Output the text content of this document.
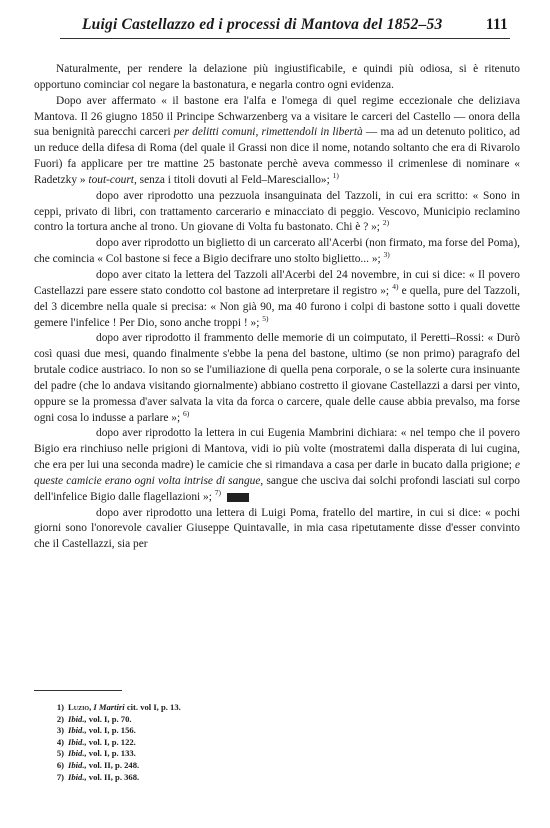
Luigi Castellazzo ed i processi di Mantova del 1852–53	111

Naturalmente, per rendere la delazione più ingiustificabile, e quindi più odiosa, si è ritenuto opportuno cominciar col negare la bastonatura, e negarla contro ogni evidenza.

Dopo aver affermato « il bastone era l'alfa e l'omega di quel regime eccezionale che deliziava Mantova. Il 26 giugno 1850 il Principe Schwarzenberg va a visitare le carceri del Castello — onora della sua benignità parecchi carceri per delitti comuni, rimettendoli in libertà — ma ad un detenuto politico, ad un reduce della difesa di Roma (del quale il Grassi non dice il nome, notando soltanto che era di Rivarolo Fuori) fa applicare per tre mattine 25 bastonate perchè aveva commesso il crimenlese di nominare « Radetzky » tout-court, senza i titoli dovuti al Feld–Maresciallo»; $^{1)}$

dopo aver riprodotto una pezzuola insanguinata del Tazzoli, in cui era scritto: « Sono in ceppi, privato di libri, con trattamento carcerario e minacciato di peggio. Vescovo, Municipio reclamino contro la tortura anche al trono. Un giovane di Volta fu bastonato. Chi è ? »; $^{2)}$

dopo aver riprodotto un biglietto di un carcerato all'Acerbi (non firmato, ma forse del Poma), che comincia « Col bastone si fece a Bigio decifrare uno stolto biglietto... »; $^{3)}$

dopo aver citato la lettera del Tazzoli all'Acerbi del 24 novembre, in cui si dice: « Il povero Castellazzi pare essere stato condotto col bastone ad interpretare il registro »; $^{4)}$ e quella, pure del Tazzoli, del 3 dicembre nella quale si precisa: « Non già 90, ma 40 furono i colpi di bastone sotto i quali dovette gemere l'infelice ! Per Dio, sono anche troppi ! »; $^{5)}$

dopo aver riprodotto il frammento delle memorie di un coimputato, il Peretti–Rossi: « Durò così quasi due mesi, quando finalmente s'ebbe la pena del bastone, ultimo (se non primo) paragrafo del brutale codice austriaco. Io non so se l'umiliazione di quella pena corporale, o se la solerte cura insinuante del padre (che lo andava visitando giornalmente) abbiano costretto il giovane Castellazzi a darsi per vinto, oppure se la promessa d'aver salvata la vita da forca o carcere, quale delle cause abbia prevalso, ma forse ogni cosa lo indusse a parlare »; $^{6)}$

dopo aver riprodotto la lettera in cui Eugenia Mambrini dichiara: « nel tempo che il povero Bigio era rinchiuso nelle prigioni di Mantova, vidi io più volte (mostratemi dalla disperata di lui cugina, che era per lui una seconda madre) le camicie che si rimandava a casa per darle in bucato dalla prigione; e queste camicie erano ogni volta intrise di sangue, sangue che usciva dai solchi profondi lasciati sul corpo dell'infelice Bigio dalle flagellazioni »; $^{7)}$

dopo aver riprodotto una lettera di Luigi Poma, fratello del martire, in cui si dice: « pochi giorni sono l'onorevole cavalier Giuseppe Quintavalle, in mia casa ripetutamente disse d'esser convinto che il Castellazzi, sia per

1) Luzio, I Martiri cit. vol I, p. 13.
2) Ibid., vol. I, p. 70.
3) Ibid., vol. I, p. 156.
4) Ibid., vol. I, p. 122.
5) Ibid., vol. I, p. 133.
6) Ibid., vol. II, p. 248.
7) Ibid., vol. II, p. 368.
